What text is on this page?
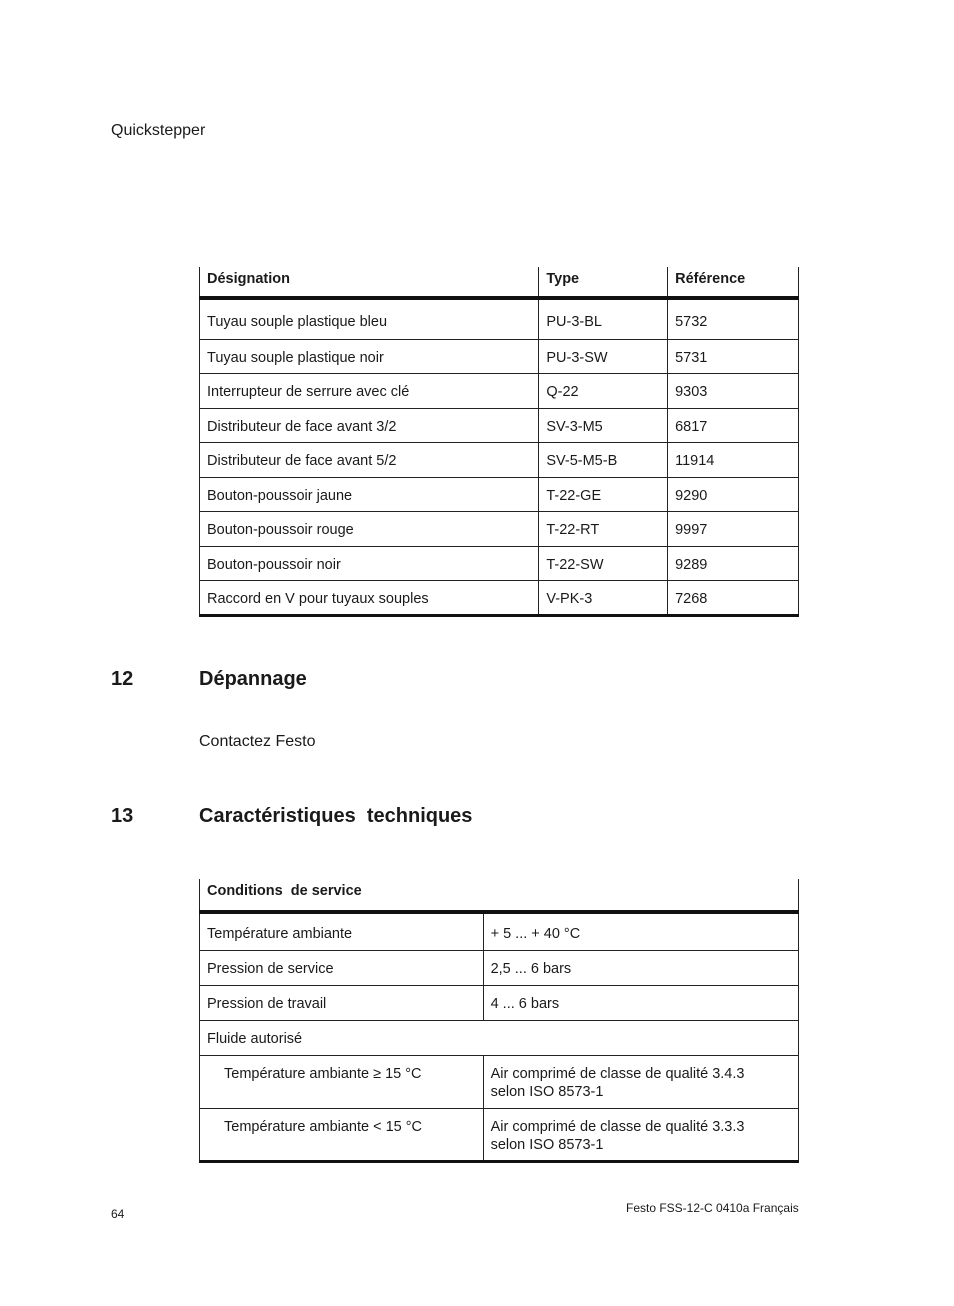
Quickstepper
Désignation	Type	Référence
Tuyau souple plastique bleu	PU-3-BL	5732
Tuyau souple plastique noir	PU-3-SW	5731
Interrupteur de serrure avec clé	Q-22	9303
Distributeur de face avant 3/2	SV-3-M5	6817
Distributeur de face avant 5/2	SV-5-M5-B	11914
Bouton-poussoir jaune	T-22-GE	9290
Bouton-poussoir rouge	T-22-RT	9997
Bouton-poussoir noir	T-22-SW	9289
Raccord en V pour tuyaux souples	V-PK-3	7268
12	Dépannage
Contactez Festo
13	Caractéristiques  techniques
Conditions  de service	
Température ambiante	+ 5 ... + 40 °C
Pression de service	2,5 ... 6 bars
Pression de travail	4 ... 6 bars
Fluide autorisé	
Température ambiante ≥ 15 °C	Air comprimé de classe de qualité 3.4.3
selon ISO 8573-1

Température ambiante < 15 °C	Air comprimé de classe de qualité 3.3.3
selon ISO 8573-1
64	Festo FSS-12-C 0410a Français
